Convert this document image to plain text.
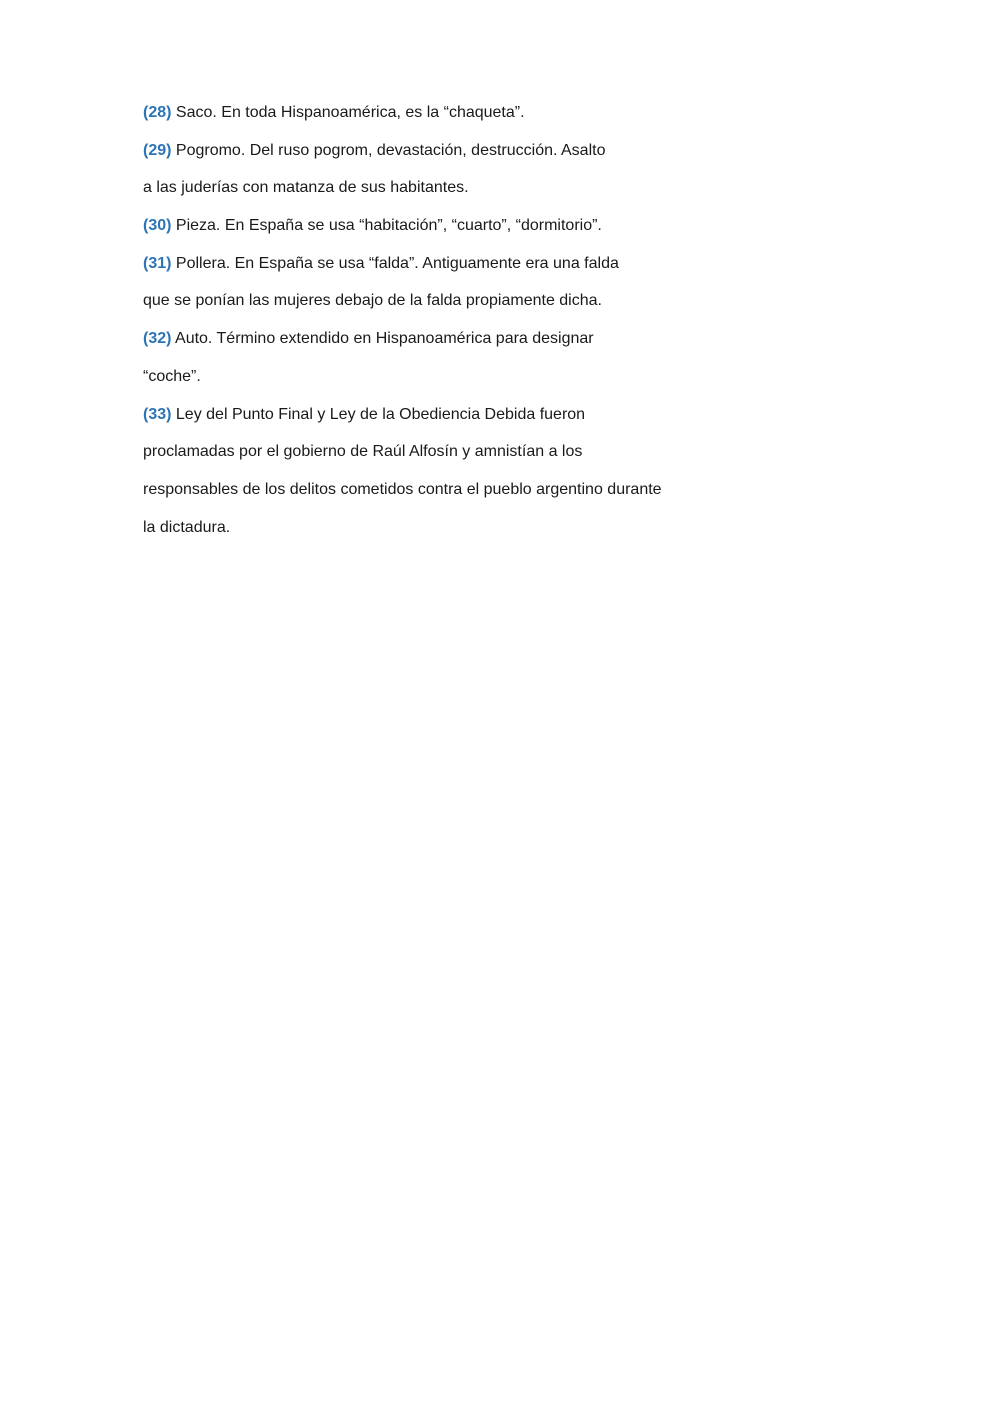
(28) Saco. En toda Hispanoamérica, es la “chaqueta”.
(29) Pogromo. Del ruso pogrom, devastación, destrucción. Asalto
a las juderías con matanza de sus habitantes.
(30) Pieza. En España se usa “habitación”, “cuarto”, “dormitorio”.
(31) Pollera. En España se usa “falda”. Antiguamente era una falda
que se ponían las mujeres debajo de la falda propiamente dicha.
(32) Auto. Término extendido en Hispanoamérica para designar
“coche”.
(33) Ley del Punto Final y Ley de la Obediencia Debida fueron
proclamadas por el gobierno de Raúl Alfosín y amnistían a los
responsables de los delitos cometidos contra el pueblo argentino durante
la dictadura.
